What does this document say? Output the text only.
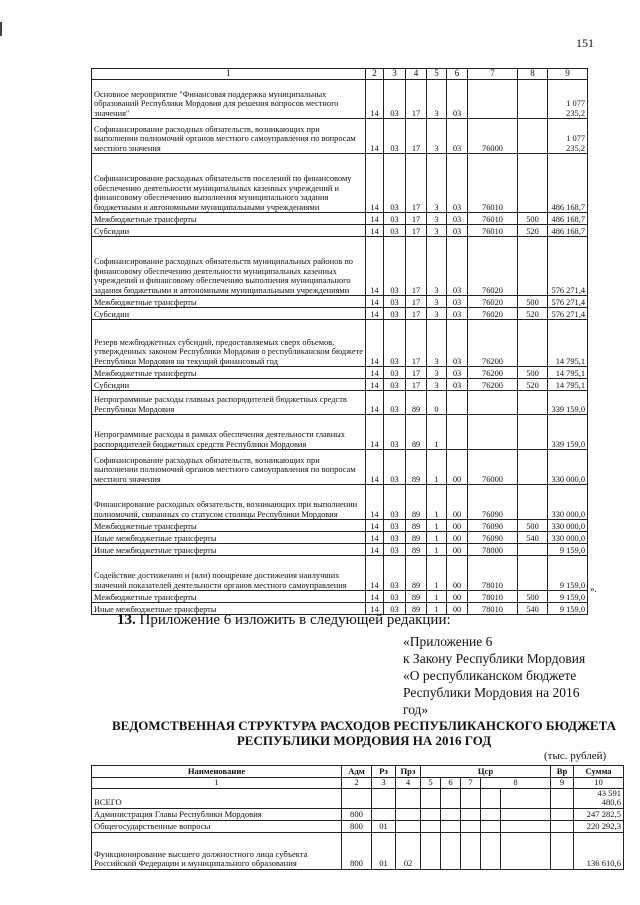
151
1	2	3	4	5	6	7	8	9
Основное мероприятие "Финансовая поддержка муниципальных образований Республики Мордовия для решения вопросов местного значения"	14	03	17	3	03			1 077 235,2
Софинансирование расходных обязательств, возникающих при выполнении полномочий органов местного самоуправления по вопросам местного значения	14	03	17	3	03	76000		1 077 235,2
Софинансирование расходных обязательств поселений по финансовому обеспечению деятельности муниципальных казенных учреждений и финансовому обеспечению выполнения муниципального задания бюджетными и автономными муниципальными учреждениями	14	03	17	3	03	76010		486 168,7
Межбюджетные трансферты	14	03	17	3	03	76010	500	486 168,7
Субсидии	14	03	17	3	03	76010	520	486 168,7
Софинансирование расходных обязательств муниципальных районов по финансовому обеспечению деятельности муниципальных казенных учреждений и финансовому обеспечению выполнения муниципального задания бюджетными и автономными муниципальными учреждениями	14	03	17	3	03	76020		576 271,4
Межбюджетные трансферты	14	03	17	3	03	76020	500	576 271,4
Субсидии	14	03	17	3	03	76020	520	576 271,4
Резерв межбюджетных субсидий, предоставляемых сверх объемов, утвержденных законом Республики Мордовия о республиканском бюджете Республики Мордовия на текущий финансовый год	14	03	17	3	03	76200		14 795,1
Межбюджетные трансферты	14	03	17	3	03	76200	500	14 795,1
Субсидии	14	03	17	3	03	76200	520	14 795,1
Непрограммные расходы главных распорядителей бюджетных средств Республики Мордовия	14	03	89	0				339 159,0
Непрограммные расходы в рамках обеспечения деятельности главных распорядителей бюджетных средств Республики Мордовия	14	03	89	1				339 159,0
Софинансирование расходных обязательств, возникающих при выполнении полномочий органов местного самоуправления по вопросам местного значения	14	03	89	1	00	76000		330 000,0
Финансирование расходных обязательств, возникающих при выполнении полномочий, связанных со статусом столицы Республики Мордовия	14	03	89	1	00	76090		330 000,0
Межбюджетные трансферты	14	03	89	1	00	76090	500	330 000,0
Иные межбюджетные трансферты	14	03	89	1	00	76090	540	330 000,0
Иные межбюджетные трансферты	14	03	89	1	00	78000		9 159,0
Содействие достижению и (или) поощрение достижения наилучших значений показателей деятельности органов местного самоуправления	14	03	89	1	00	78010		9 159,0
Межбюджетные трансферты	14	03	89	1	00	78010	500	9 159,0
Иные межбюджетные трансферты	14	03	89	1	00	78010	540	9 159,0
».
13. Приложение 6 изложить в следующей редакции:
«Приложение 6
к Закону Республики Мордовия
«О республиканском бюджете
Республики Мордовия на 2016
год»
ВЕДОМСТВЕННАЯ СТРУКТУРА РАСХОДОВ РЕСПУБЛИКАНСКОГО БЮДЖЕТА
РЕСПУБЛИКИ МОРДОВИЯ НА 2016 ГОД
(тыс. рублей)
Наименование	Адм	Рз	Прз	Цср					Вр	Сумма
1	2	3	4	5	6	7	8		9	10
ВСЕГО										43 591 480,6
Администрация Главы Республики Мордовия	800									247 282,5
Общегосударственные вопросы	800	01								220 292,3
Функционирование высшего должностного лица субъекта Российской Федерации и муниципального образования	800	01	02							136 610,6
